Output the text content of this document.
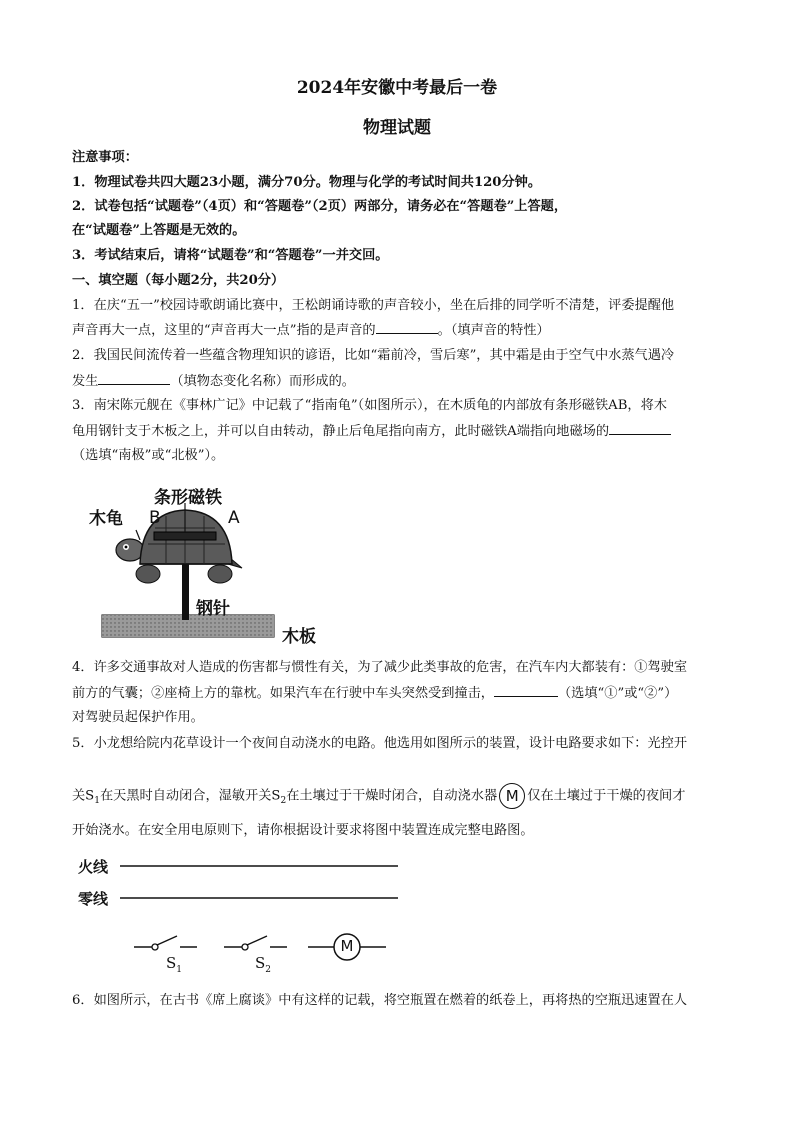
2024年安徽中考最后一卷
物理试题
注意事项：
1．物理试卷共四大题23小题，满分70分。物理与化学的考试时间共120分钟。
2．试卷包括“试题卷”（4页）和“答题卷”（2页）两部分，请务必在“答题卷”上答题，
在“试题卷”上答题是无效的。
3．考试结束后，请将“试题卷”和“答题卷”一并交回。
一、填空题（每小题2分，共20分）
1．在庆“五一”校园诗歌朗诵比赛中，王松朗诵诗歌的声音较小，坐在后排的同学听不清楚，评委提醒他
声音再大一点，这里的“声音再大一点”指的是声音的	。（填声音的特性）
2．我国民间流传着一些蕴含物理知识的谚语，比如“霜前冷，雪后寒”，其中霜是由于空气中水蒸气遇冷
发生	（填物态变化名称）而形成的。
3．南宋陈元舰在《事林广记》中记载了“指南龟”（如图所示），在木质龟的内部放有条形磁铁AB，将木
龟用钢针支于木板之上，并可以自由转动，静止后龟尾指向南方，此时磁铁A端指向地磁场的
（选填“南极”或“北极”）。
木龟
条形磁铁
B	A
钢针
木板
4．许多交通事故对人造成的伤害都与惯性有关，为了减少此类事故的危害，在汽车内大都装有：①驾驶室
前方的气囊；②座椅上方的靠枕。如果汽车在行驶中车头突然受到撞击，	（选填“①”或“②”）
对驾驶员起保护作用。
5．小龙想给院内花草设计一个夜间自动浇水的电路。他选用如图所示的装置，设计电路要求如下：光控开
关$S_1$在天黑时自动闭合，湿敏开关$S_2$在土壤过于干燥时闭合，自动浇水器 M 仅在土壤过于干燥的夜间才
开始浇水。在安全用电原则下，请你根据设计要求将图中装置连成完整电路图。
火线
零线
$S_1$	$S_2$
M
6．如图所示，在古书《席上腐谈》中有这样的记载，将空瓶置在燃着的纸卷上，再将热的空瓶迅速置在人
